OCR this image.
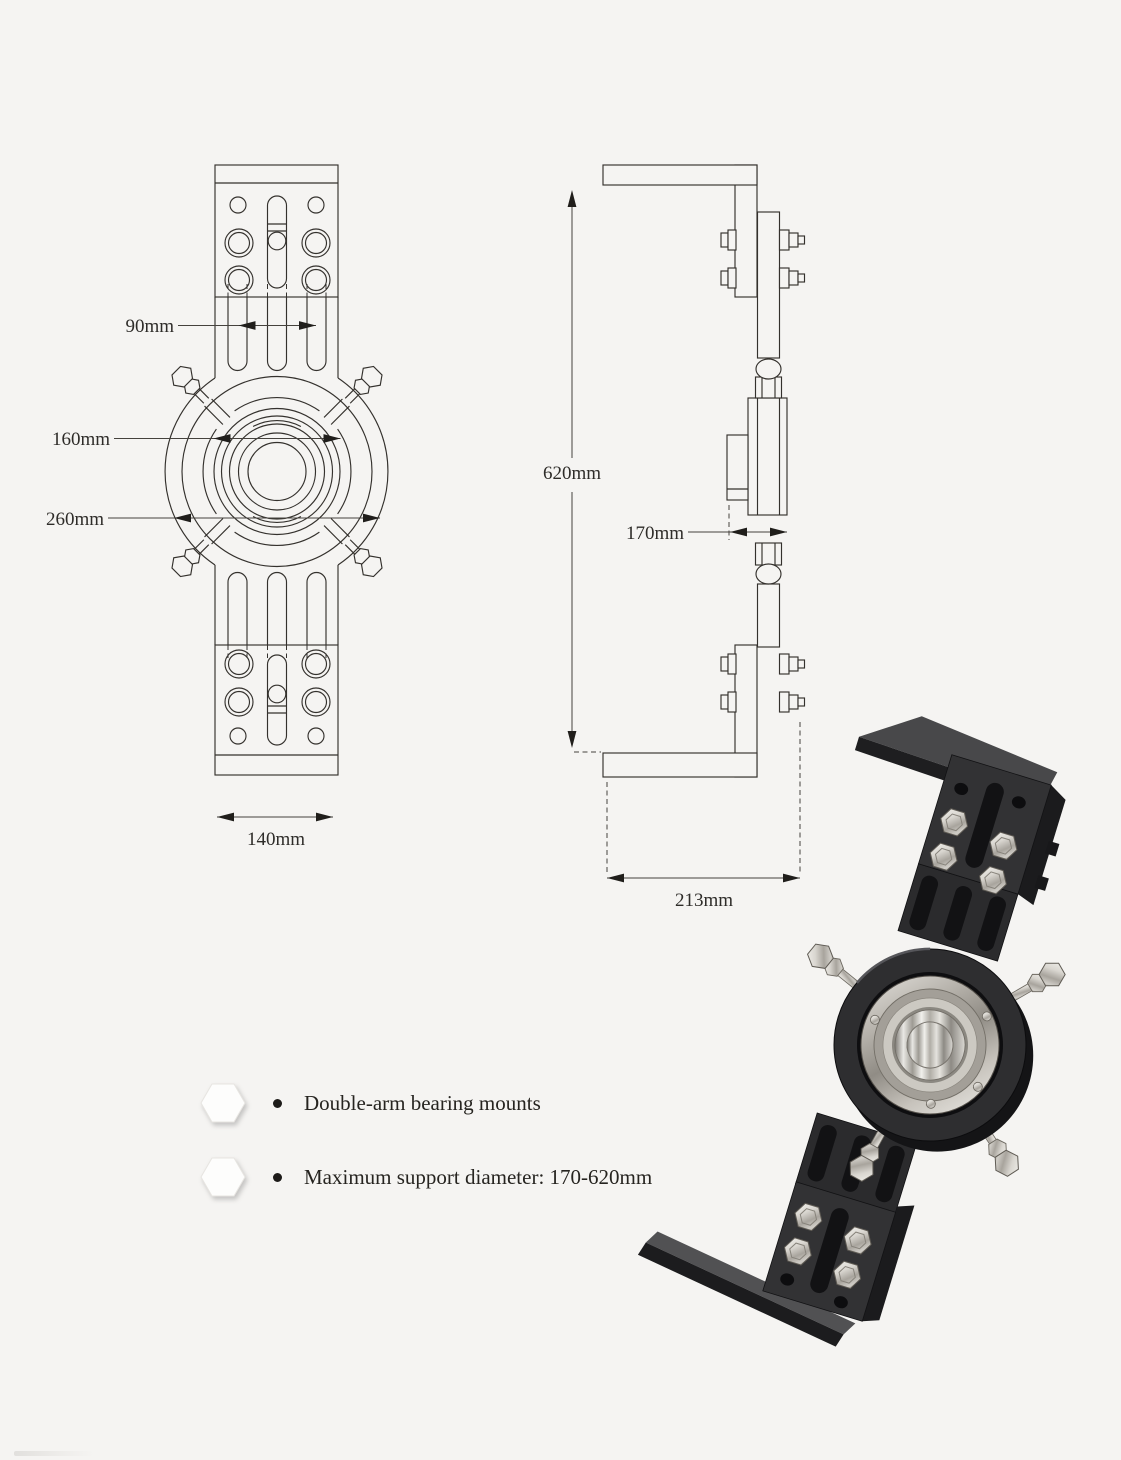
90mm
160mm
260mm
140mm
620mm
170mm
213mm
Double-arm bearing mounts
Maximum support diameter: 170-620mm
